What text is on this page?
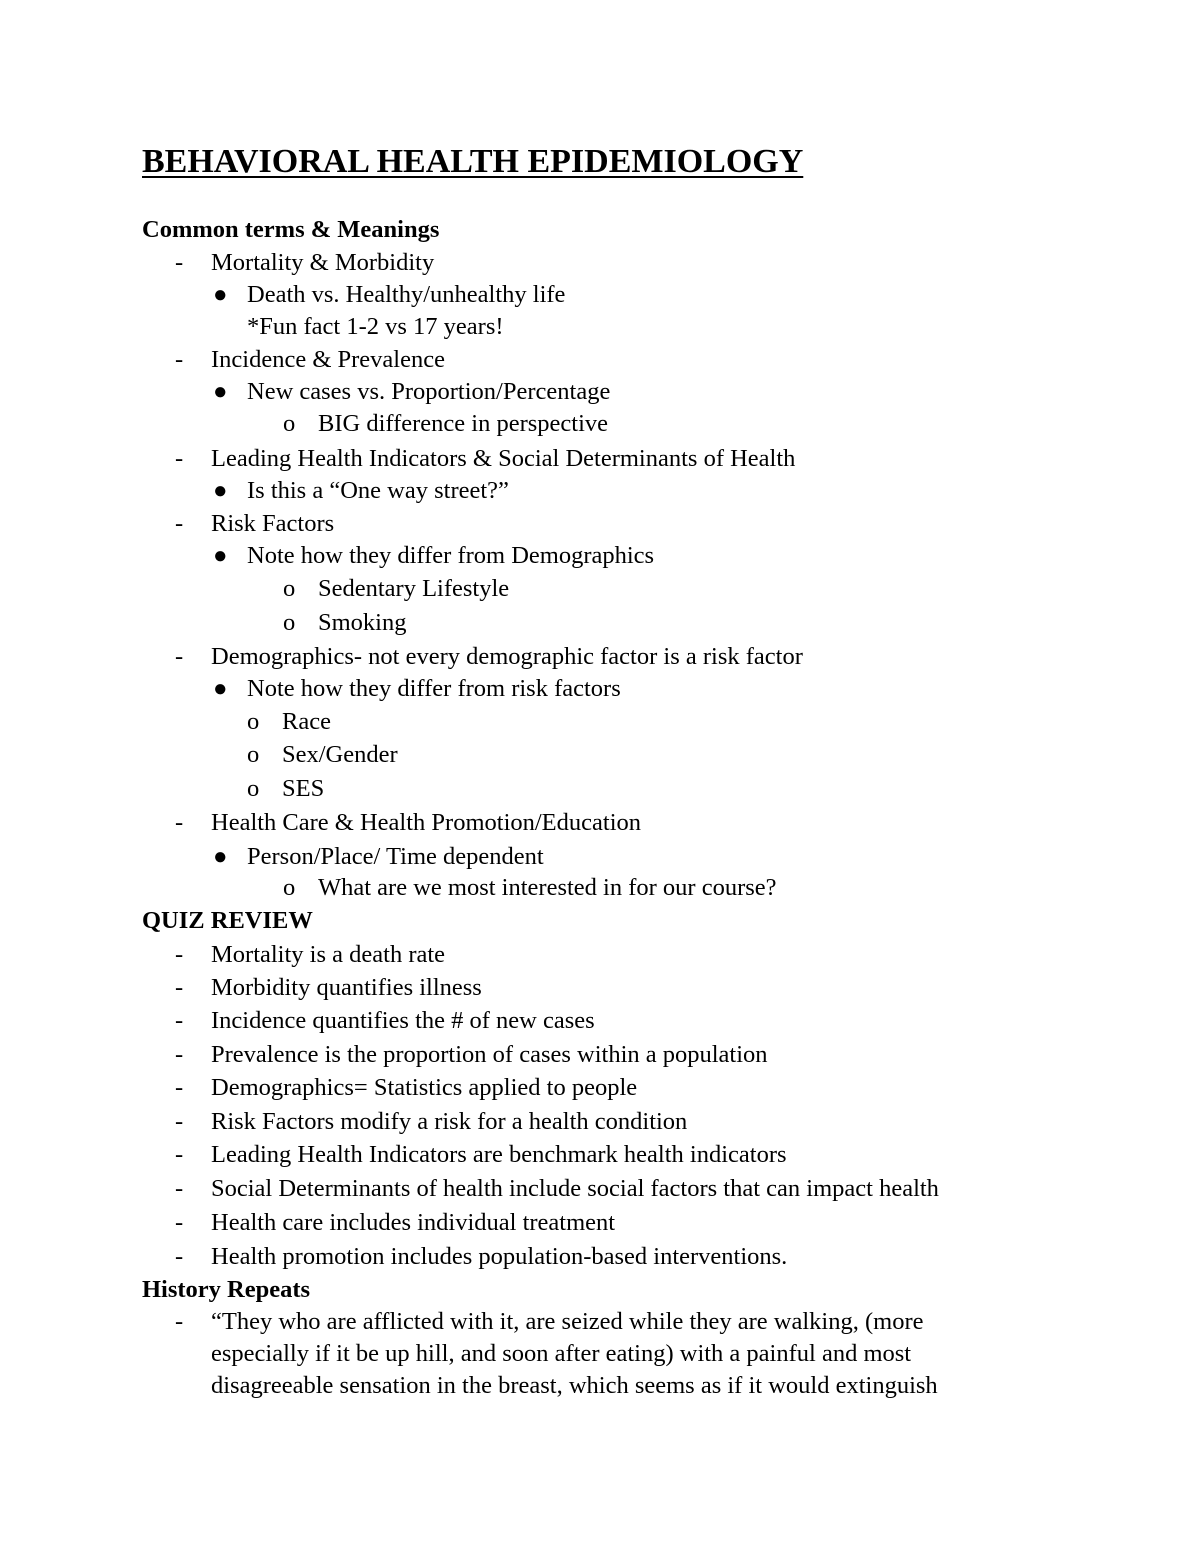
BEHAVIORAL HEALTH EPIDEMIOLOGY
Common terms & Meanings
- Mortality & Morbidity
● Death vs. Healthy/unhealthy life
*Fun fact 1-2 vs 17 years!
- Incidence & Prevalence
● New cases vs. Proportion/Percentage
o BIG difference in perspective
- Leading Health Indicators & Social Determinants of Health
● Is this a “One way street?”
- Risk Factors
● Note how they differ from Demographics
o Sedentary Lifestyle
o Smoking
- Demographics- not every demographic factor is a risk factor
● Note how they differ from risk factors
o Race
o Sex/Gender
o SES
- Health Care & Health Promotion/Education
● Person/Place/ Time dependent
o What are we most interested in for our course?
QUIZ REVIEW
- Mortality is a death rate
- Morbidity quantifies illness
- Incidence quantifies the # of new cases
- Prevalence is the proportion of cases within a population
- Demographics= Statistics applied to people
- Risk Factors modify a risk for a health condition
- Leading Health Indicators are benchmark health indicators
- Social Determinants of health include social factors that can impact health
- Health care includes individual treatment
- Health promotion includes population-based interventions.
History Repeats
- “They who are afflicted with it, are seized while they are walking, (more
especially if it be up hill, and soon after eating) with a painful and most
disagreeable sensation in the breast, which seems as if it would extinguish
